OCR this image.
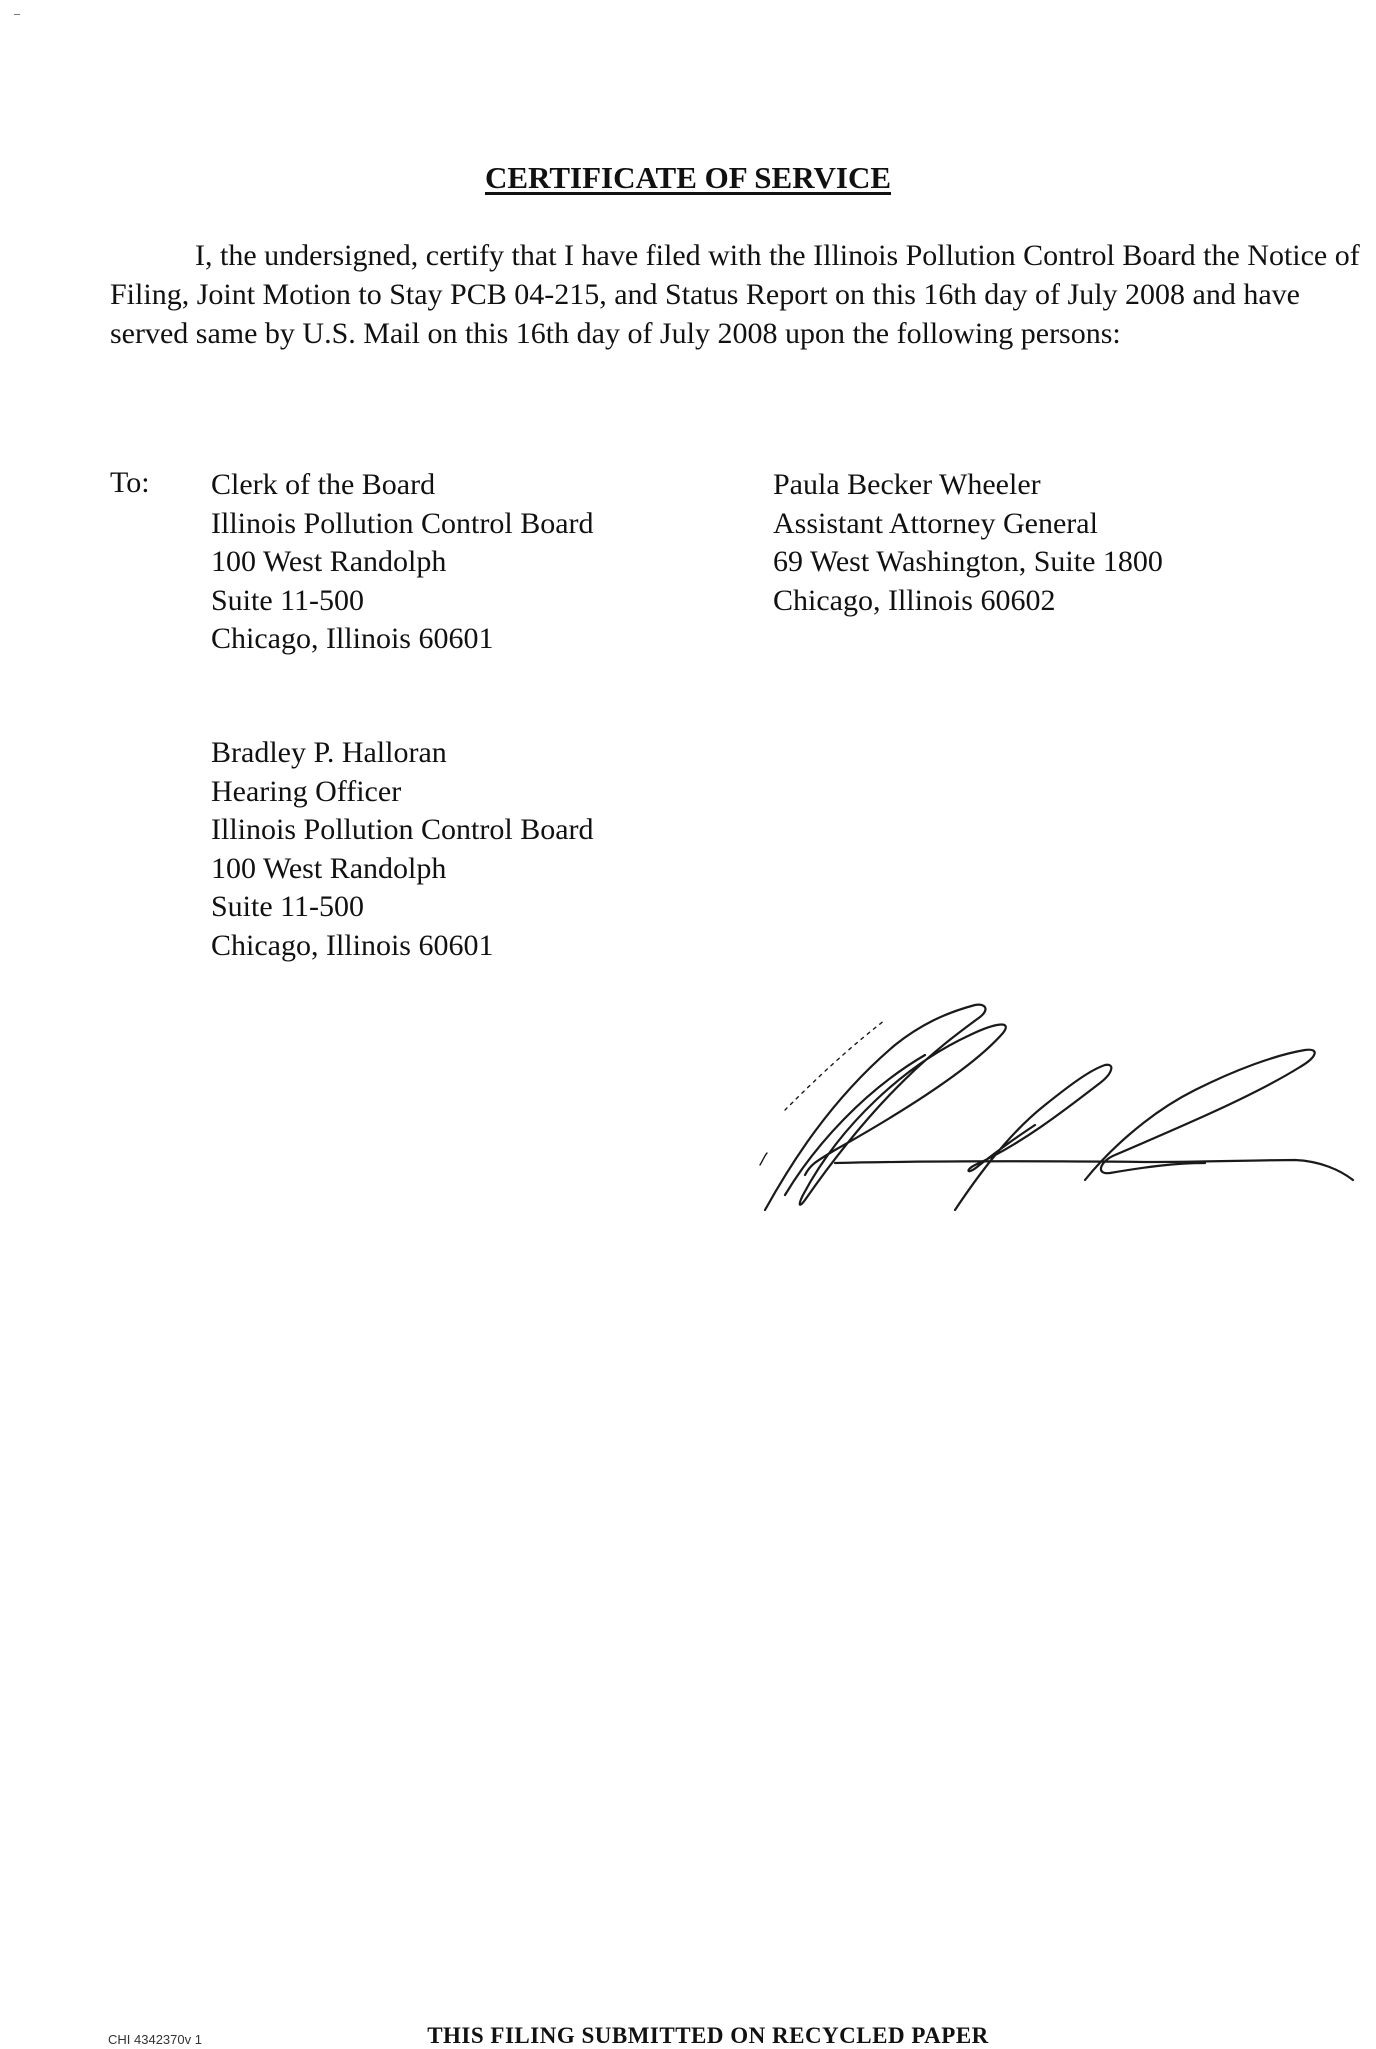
CERTIFICATE OF SERVICE
I, the undersigned, certify that I have filed with the Illinois Pollution Control Board the Notice of Filing, Joint Motion to Stay PCB 04-215, and Status Report on this 16th day of July 2008 and have served same by U.S. Mail on this 16th day of July 2008 upon the following persons:
To: Clerk of the Board
Illinois Pollution Control Board
100 West Randolph
Suite 11-500
Chicago, Illinois 60601
Paula Becker Wheeler
Assistant Attorney General
69 West Washington, Suite 1800
Chicago, Illinois 60602
Bradley P. Halloran
Hearing Officer
Illinois Pollution Control Board
100 West Randolph
Suite 11-500
Chicago, Illinois 60601
THIS FILING SUBMITTED ON RECYCLED PAPER
CHI 4342370v 1
